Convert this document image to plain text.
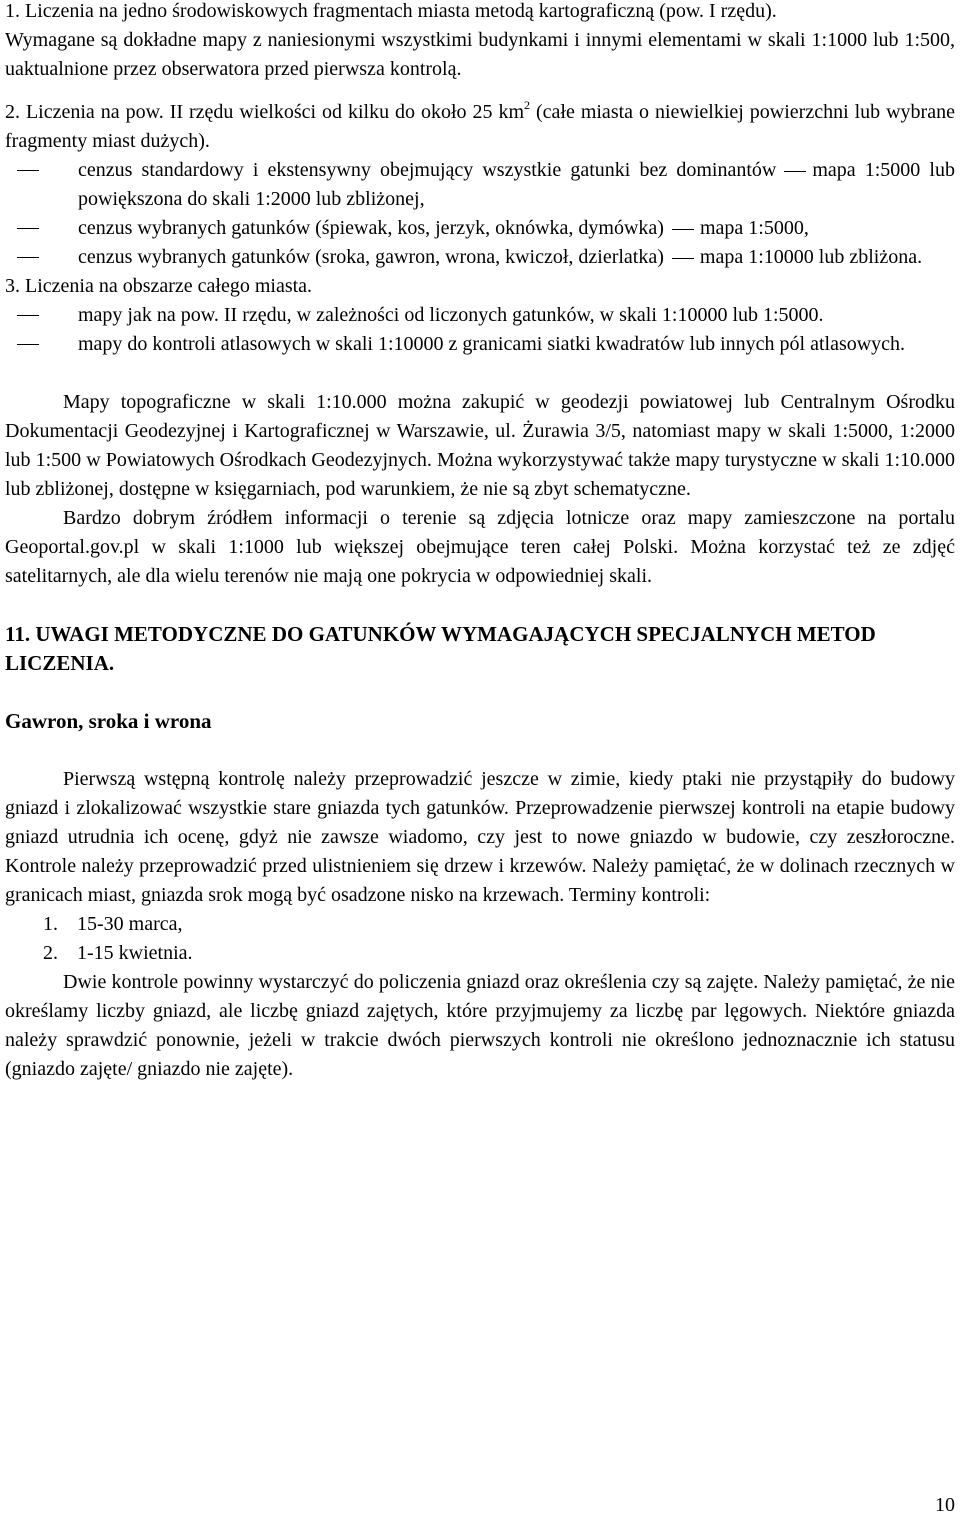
1. Liczenia na jedno środowiskowych fragmentach miasta metodą kartograficzną (pow. I rzędu).

Wymagane są dokładne mapy z naniesionymi wszystkimi budynkami i innymi elementami w skali 1:1000 lub 1:500, uaktualnione przez obserwatora przed pierwsza kontrolą.

2. Liczenia na pow. II rzędu wielkości od kilku do około 25 $km^2$ (całe miasta o niewielkiej powierzchni lub wybrane fragmenty miast dużych).

cenzus standardowy i ekstensywny obejmujący wszystkie gatunki bez dominantów mapa 1:5000 lub powiększona do skali 1:2000 lub zbliżonej,
cenzus wybranych gatunków (śpiewak, kos, jerzyk, oknówka, dymówka) mapa 1:5000,
cenzus wybranych gatunków (sroka, gawron, wrona, kwiczoł, dzierlatka) mapa 1:10000 lub zbliżona.

3. Liczenia na obszarze całego miasta.

mapy jak na pow. II rzędu, w zależności od liczonych gatunków, w skali 1:10000 lub 1:5000.
mapy do kontroli atlasowych w skali 1:10000 z granicami siatki kwadratów lub innych pól atlasowych.

Mapy topograficzne w skali 1:10.000 można zakupić w geodezji powiatowej lub Centralnym Ośrodku Dokumentacji Geodezyjnej i Kartograficznej w Warszawie, ul. Żurawia 3/5, natomiast mapy w skali 1:5000, 1:2000 lub 1:500 w Powiatowych Ośrodkach Geodezyjnych. Można wykorzystywać także mapy turystyczne w skali 1:10.000 lub zbliżonej, dostępne w księgarniach, pod warunkiem, że nie są zbyt schematyczne.

Bardzo dobrym źródłem informacji o terenie są zdjęcia lotnicze oraz mapy zamieszczone na portalu Geoportal.gov.pl w skali 1:1000 lub większej obejmujące teren całej Polski. Można korzystać też ze zdjęć satelitarnych, ale dla wielu terenów nie mają one pokrycia w odpowiedniej skali.

11. UWAGI METODYCZNE DO GATUNKÓW WYMAGAJĄCYCH SPECJALNYCH METOD LICZENIA.

Gawron, sroka i wrona

Pierwszą wstępną kontrolę należy przeprowadzić jeszcze w zimie, kiedy ptaki nie przystąpiły do budowy gniazd i zlokalizować wszystkie stare gniazda tych gatunków. Przeprowadzenie pierwszej kontroli na etapie budowy gniazd utrudnia ich ocenę, gdyż nie zawsze wiadomo, czy jest to nowe gniazdo w budowie, czy zeszłoroczne. Kontrole należy przeprowadzić przed ulistnieniem się drzew i krzewów. Należy pamiętać, że w dolinach rzecznych w granicach miast, gniazda srok mogą być osadzone nisko na krzewach. Terminy kontroli:

1. 15-30 marca,
2. 1-15 kwietnia.

Dwie kontrole powinny wystarczyć do policzenia gniazd oraz określenia czy są zajęte. Należy pamiętać, że nie określamy liczby gniazd, ale liczbę gniazd zajętych, które przyjmujemy za liczbę par lęgowych. Niektóre gniazda należy sprawdzić ponownie, jeżeli w trakcie dwóch pierwszych kontroli nie określono jednoznacznie ich statusu (gniazdo zajęte/ gniazdo nie zajęte).

10
